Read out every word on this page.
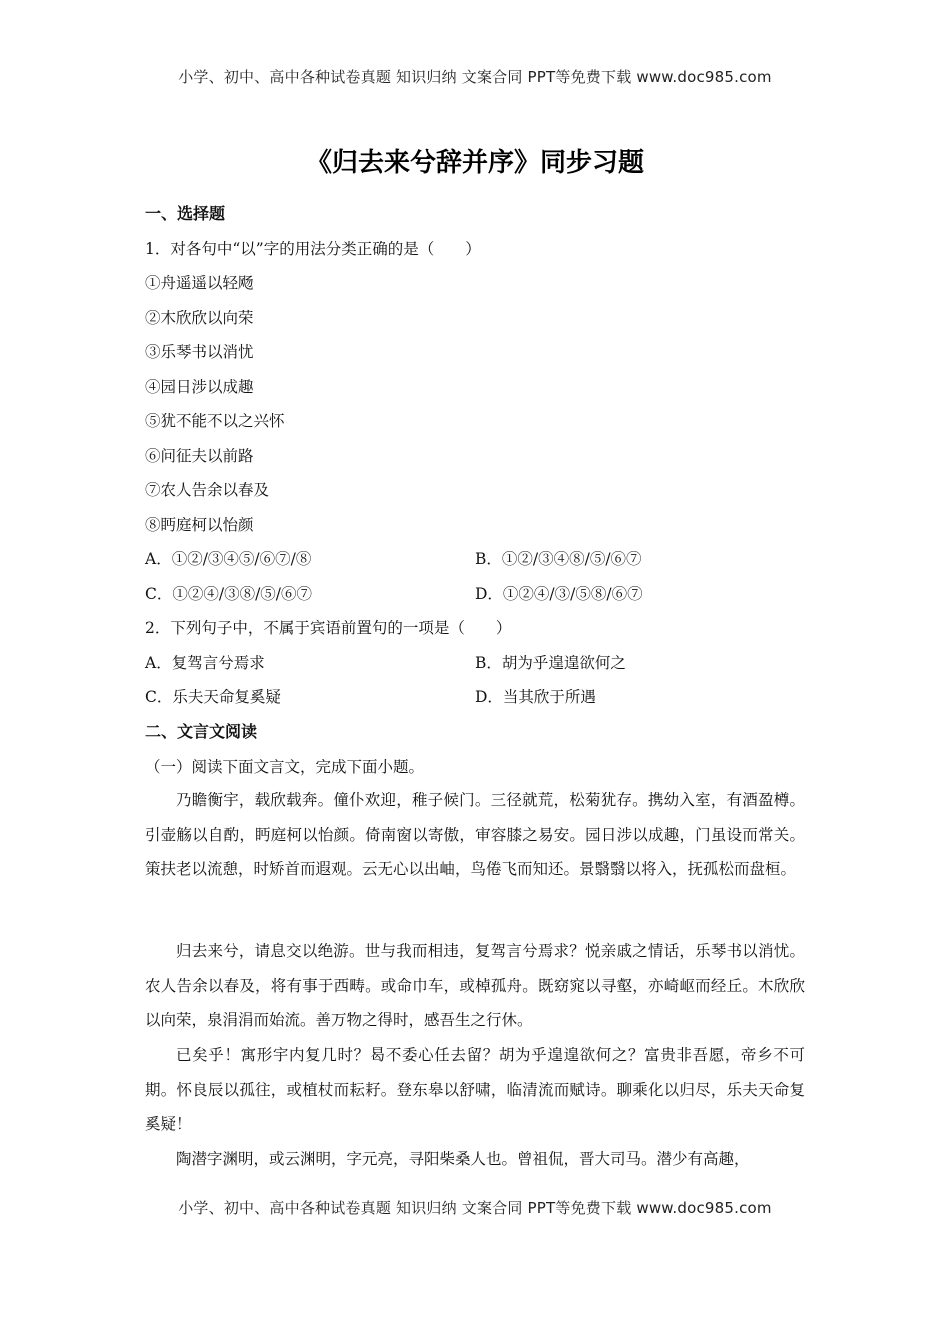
小学、初中、高中各种试卷真题 知识归纳 文案合同 PPT等免费下载 www.doc985.com
《归去来兮辞并序》同步习题
一、选择题
1．对各句中“以”字的用法分类正确的是（　　）
①舟遥遥以轻飏
②木欣欣以向荣
③乐琴书以消忧
④园日涉以成趣
⑤犹不能不以之兴怀
⑥问征夫以前路
⑦农人告余以春及
⑧眄庭柯以怡颜
A．①②/③④⑤/⑥⑦/⑧	B．①②/③④⑧/⑤/⑥⑦
C．①②④/③⑧/⑤/⑥⑦	D．①②④/③/⑤⑧/⑥⑦
2．下列句子中，不属于宾语前置句的一项是（　　）
A．复驾言兮焉求	B．胡为乎遑遑欲何之
C．乐夫天命复奚疑	D．当其欣于所遇
二、文言文阅读
（一）阅读下面文言文，完成下面小题。
乃瞻衡宇，载欣载奔。僮仆欢迎，稚子候门。三径就荒，松菊犹存。携幼入室，有酒盈樽。引壶觞以自酌，眄庭柯以怡颜。倚南窗以寄傲，审容膝之易安。园日涉以成趣，门虽设而常关。策扶老以流憩，时矫首而遐观。云无心以出岫，鸟倦飞而知还。景翳翳以将入，抚孤松而盘桓。
归去来兮，请息交以绝游。世与我而相违，复驾言兮焉求？悦亲戚之情话，乐琴书以消忧。农人告余以春及，将有事于西畴。或命巾车，或棹孤舟。既窈窕以寻壑，亦崎岖而经丘。木欣欣以向荣，泉涓涓而始流。善万物之得时，感吾生之行休。
已矣乎！寓形宇内复几时？曷不委心任去留？胡为乎遑遑欲何之？富贵非吾愿，帝乡不可期。怀良辰以孤往，或植杖而耘耔。登东皋以舒啸，临清流而赋诗。聊乘化以归尽，乐夫天命复奚疑！
陶潜字渊明，或云渊明，字元亮，寻阳柴桑人也。曾祖侃，晋大司马。潜少有高趣，
小学、初中、高中各种试卷真题 知识归纳 文案合同 PPT等免费下载 www.doc985.com
